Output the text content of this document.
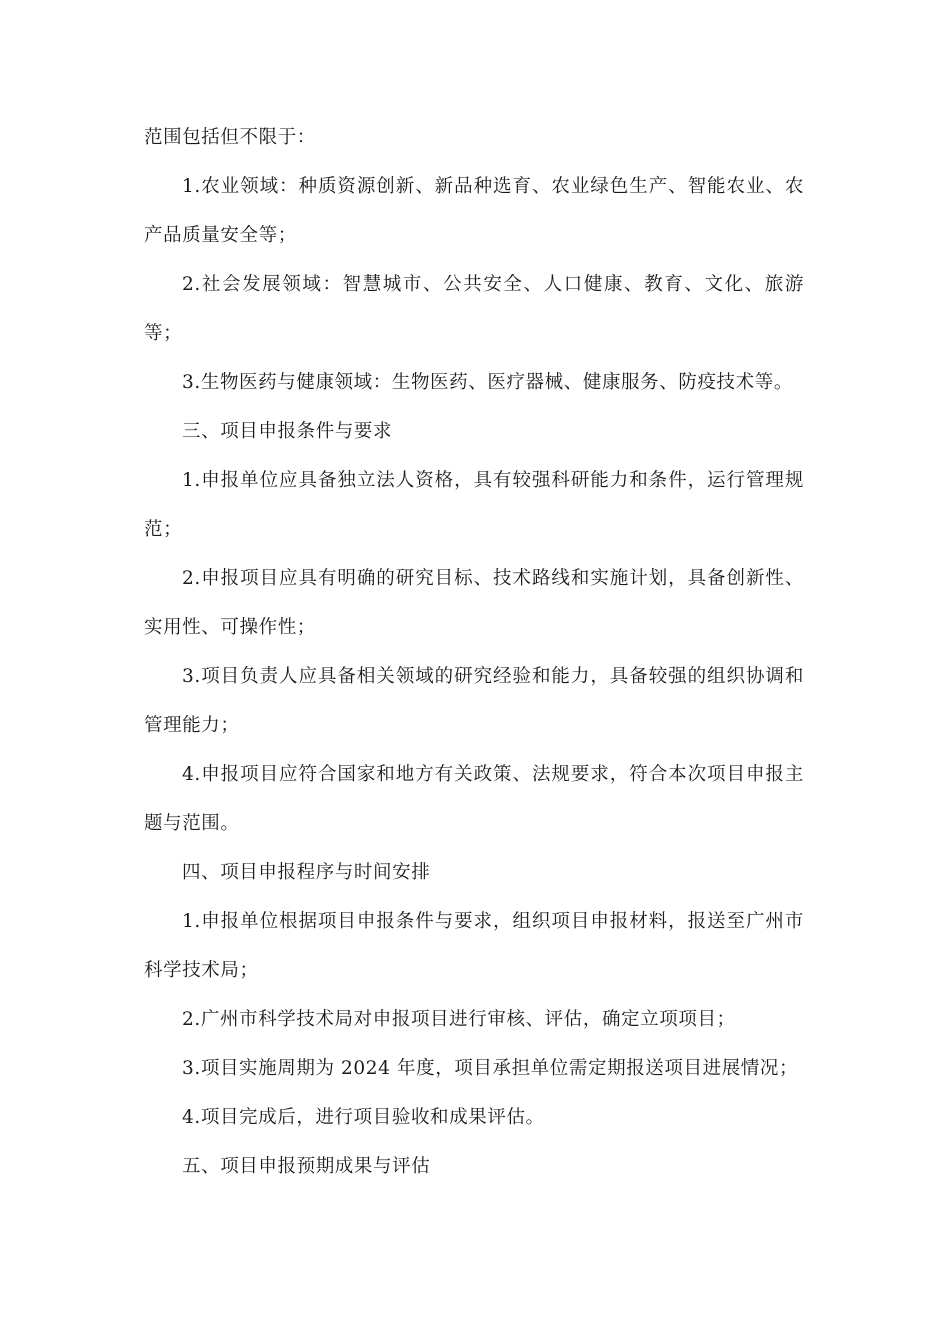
范围包括但不限于：

1.农业领域：种质资源创新、新品种选育、农业绿色生产、智能农业、农产品质量安全等；

2.社会发展领域：智慧城市、公共安全、人口健康、教育、文化、旅游等；

3.生物医药与健康领域：生物医药、医疗器械、健康服务、防疫技术等。

三、项目申报条件与要求

1.申报单位应具备独立法人资格，具有较强科研能力和条件，运行管理规范；

2.申报项目应具有明确的研究目标、技术路线和实施计划，具备创新性、实用性、可操作性；

3.项目负责人应具备相关领域的研究经验和能力，具备较强的组织协调和管理能力；

4.申报项目应符合国家和地方有关政策、法规要求，符合本次项目申报主题与范围。

四、项目申报程序与时间安排

1.申报单位根据项目申报条件与要求，组织项目申报材料，报送至广州市科学技术局；

2.广州市科学技术局对申报项目进行审核、评估，确定立项项目；

3.项目实施周期为 2024 年度，项目承担单位需定期报送项目进展情况；

4.项目完成后，进行项目验收和成果评估。

五、项目申报预期成果与评估
